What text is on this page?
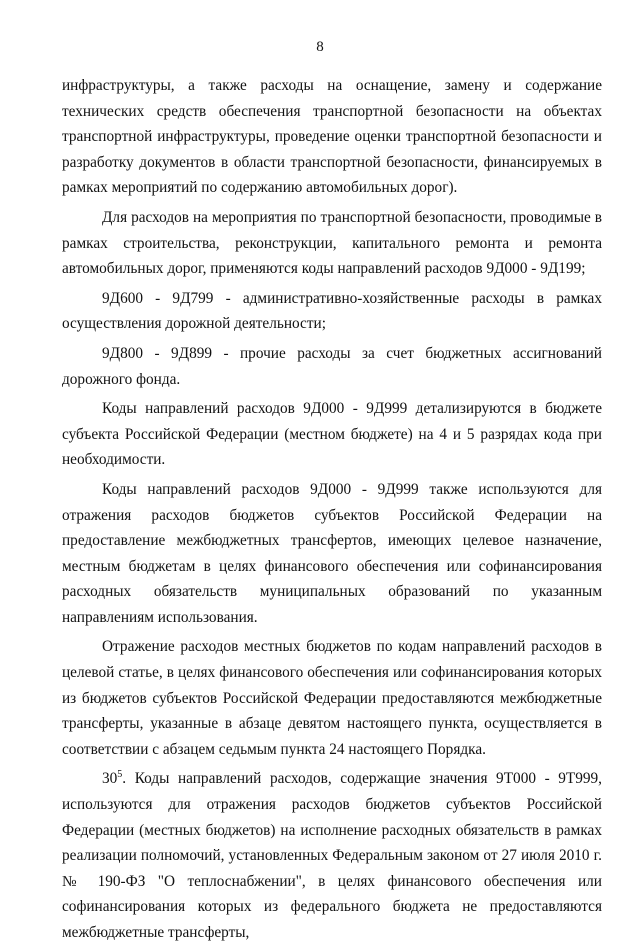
8

инфраструктуры, а также расходы на оснащение, замену и содержание технических средств обеспечения транспортной безопасности на объектах транспортной инфраструктуры, проведение оценки транспортной безопасности и разработку документов в области транспортной безопасности, финансируемых в рамках мероприятий по содержанию автомобильных дорог).

Для расходов на мероприятия по транспортной безопасности, проводимые в рамках строительства, реконструкции, капитального ремонта и ремонта автомобильных дорог, применяются коды направлений расходов 9Д000 - 9Д199;

9Д600 - 9Д799 - административно-хозяйственные расходы в рамках осуществления дорожной деятельности;

9Д800 - 9Д899 - прочие расходы за счет бюджетных ассигнований дорожного фонда.

Коды направлений расходов 9Д000 - 9Д999 детализируются в бюджете субъекта Российской Федерации (местном бюджете) на 4 и 5 разрядах кода при необходимости.

Коды направлений расходов 9Д000 - 9Д999 также используются для отражения расходов бюджетов субъектов Российской Федерации на предоставление межбюджетных трансфертов, имеющих целевое назначение, местным бюджетам в целях финансового обеспечения или софинансирования расходных обязательств муниципальных образований по указанным направлениям использования.

Отражение расходов местных бюджетов по кодам направлений расходов в целевой статье, в целях финансового обеспечения или софинансирования которых из бюджетов субъектов Российской Федерации предоставляются межбюджетные трансферты, указанные в абзаце девятом настоящего пункта, осуществляется в соответствии с абзацем седьмым пункта 24 настоящего Порядка.

$30^5$. Коды направлений расходов, содержащие значения 9Т000 - 9Т999, используются для отражения расходов бюджетов субъектов Российской Федерации (местных бюджетов) на исполнение расходных обязательств в рамках реализации полномочий, установленных Федеральным законом от 27 июля 2010 г. № 190-ФЗ "О теплоснабжении", в целях финансового обеспечения или софинансирования которых из федерального бюджета не предоставляются межбюджетные трансферты,
